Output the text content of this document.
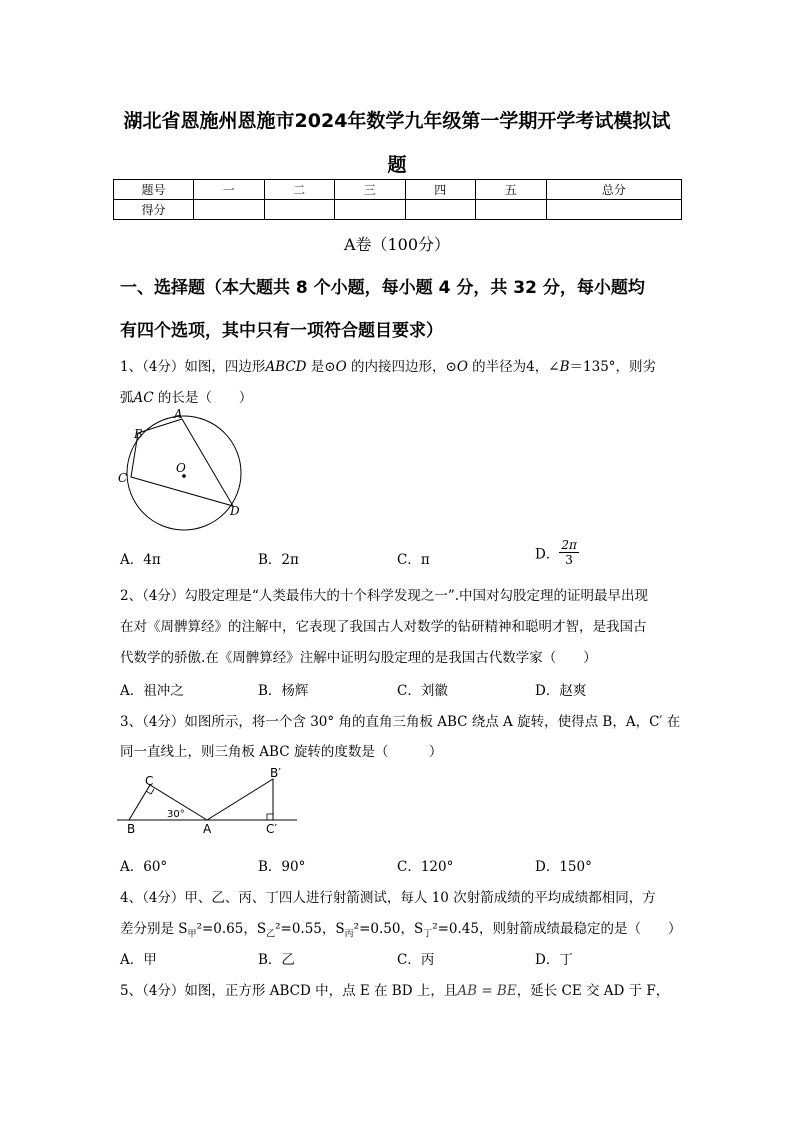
湖北省恩施州恩施市2024年数学九年级第一学期开学考试模拟试
题
题号	一	二	三	四	五	总分
得分						
A卷（100分）
一、选择题（本大题共 8 个小题，每小题 4 分，共 32 分，每小题均
有四个选项，其中只有一项符合题目要求）
1、（4分）如图，四边形ABCD 是⊙O 的内接四边形，⊙O 的半径为4，∠B＝135°，则劣
弧AC 的长是（　　）
A
B
C
D
O
A．4π	B．2π	C．π	D． $\frac{2\pi}{3}$
2、（4分）勾股定理是“人类最伟大的十个科学发现之一”.中国对勾股定理的证明最早出现
在对《周髀算经》的注解中，它表现了我国古人对数学的钻研精神和聪明才智，是我国古
代数学的骄傲.在《周髀算经》注解中证明勾股定理的是我国古代数学家（　　）
A．祖冲之	B．杨辉	C．刘徽	D．赵爽
3、（4分）如图所示，将一个含 30° 角的直角三角板 ABC 绕点 A 旋转，使得点 B，A，C′ 在
同一直线上，则三角板 ABC 旋转的度数是（　　　）
C
B	A
B′
C′
30°
A．60°	B．90°	C．120°	D．150°
4、（4分）甲、乙、丙、丁四人进行射箭测试，每人 10 次射箭成绩的平均成绩都相同，方
差分别是 $S_甲^2=0.65$，$S_乙^2=0.55$，$S_丙^2=0.50$，$S_丁^2=0.45$，则射箭成绩最稳定的是（　　）
A．甲	B．乙	C．丙	D．丁
5、（4分）如图，正方形 ABCD 中，点 E 在 BD 上，且AB = BE，延长 CE 交 AD 于 F，
